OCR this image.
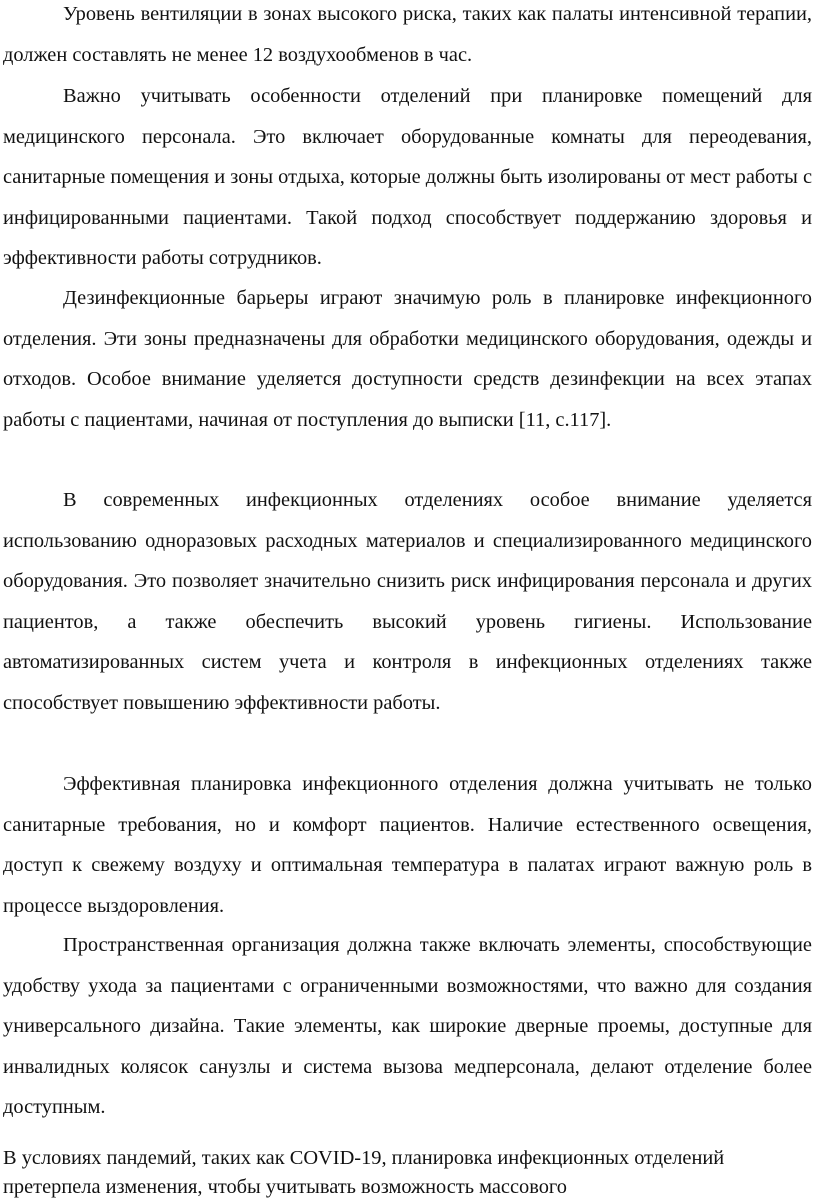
Уровень вентиляции в зонах высокого риска, таких как палаты интенсивной терапии, должен составлять не менее 12 воздухообменов в час.

Важно учитывать особенности отделений при планировке помещений для медицинского персонала. Это включает оборудованные комнаты для переодевания, санитарные помещения и зоны отдыха, которые должны быть изолированы от мест работы с инфицированными пациентами. Такой подход способствует поддержанию здоровья и эффективности работы сотрудников.

Дезинфекционные барьеры играют значимую роль в планировке инфекционного отделения. Эти зоны предназначены для обработки медицинского оборудования, одежды и отходов. Особое внимание уделяется доступности средств дезинфекции на всех этапах работы с пациентами, начиная от поступления до выписки [11, с.117].

В современных инфекционных отделениях особое внимание уделяется использованию одноразовых расходных материалов и специализированного медицинского оборудования. Это позволяет значительно снизить риск инфицирования персонала и других пациентов, а также обеспечить высокий уровень гигиены. Использование автоматизированных систем учета и контроля в инфекционных отделениях также способствует повышению эффективности работы.

Эффективная планировка инфекционного отделения должна учитывать не только санитарные требования, но и комфорт пациентов. Наличие естественного освещения, доступ к свежему воздуху и оптимальная температура в палатах играют важную роль в процессе выздоровления.

Пространственная организация должна также включать элементы, способствующие удобству ухода за пациентами с ограниченными возможностями, что важно для создания универсального дизайна. Такие элементы, как широкие дверные проемы, доступные для инвалидных колясок санузлы и система вызова медперсонала, делают отделение более доступным.

В условиях пандемий, таких как COVID-19, планировка инфекционных отделений претерпела изменения, чтобы учитывать возможность массового
